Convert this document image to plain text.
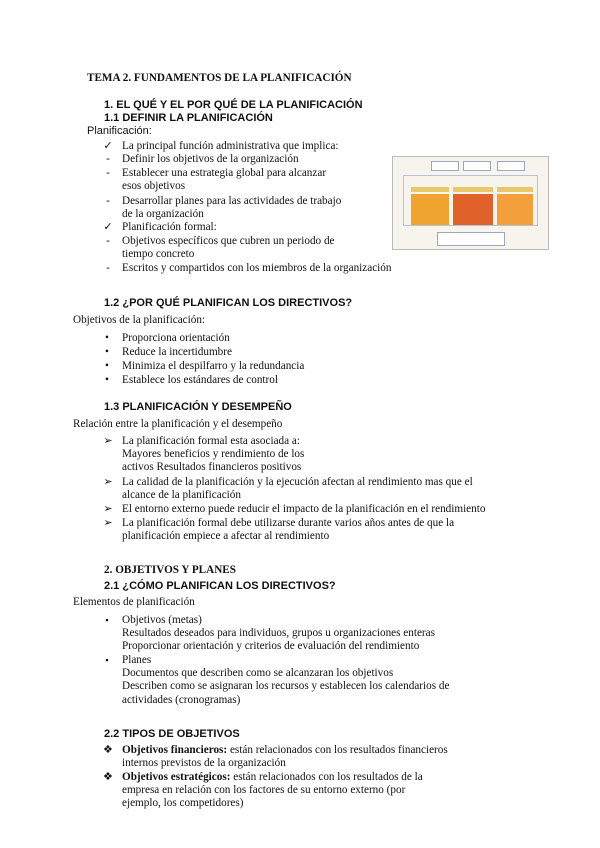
TEMA 2. FUNDAMENTOS DE LA PLANIFICACIÓN
1. EL QUÉ Y EL POR QUÉ DE LA PLANIFICACIÓN
1.1 DEFINIR LA PLANIFICACIÓN
Planificación:
✓ La principal función administrativa que implica:
-	Definir los objetivos de la organización
-	Establecer una estrategia global para alcanzar
esos objetivos
-	Desarrollar planes para las actividades de trabajo
de la organización
✓ Planificación formal:
-	Objetivos específicos que cubren un periodo de
tiempo concreto
-	Escritos y compartidos con los miembros de la organización
1.2 ¿POR QUÉ PLANIFICAN LOS DIRECTIVOS?
Objetivos de la planificación:
•	Proporciona orientación
•	Reduce la incertidumbre
•	Minimiza el despilfarro y la redundancia
•	Establece los estándares de control
1.3 PLANIFICACIÓN Y DESEMPEÑO
Relación entre la planificación y el desempeño
➢ La planificación formal esta asociada a:
Mayores beneficios y rendimiento de los
activos Resultados financieros positivos
➢ La calidad de la planificación y la ejecución afectan al rendimiento mas que el
alcance de la planificación
➢ El entorno externo puede reducir el impacto de la planificación en el rendimiento
➢ La planificación formal debe utilizarse durante varios años antes de que la
planificación empiece a afectar al rendimiento
2. OBJETIVOS Y PLANES
2.1 ¿CÓMO PLANIFICAN LOS DIRECTIVOS?
Elementos de planificación
▪	Objetivos (metas)
Resultados deseados para individuos, grupos u organizaciones enteras
Proporcionar orientación y criterios de evaluación del rendimiento
▪	Planes
Documentos que describen como se alcanzaran los objetivos
Describen como se asignaran los recursos y establecen los calendarios de
actividades (cronogramas)
2.2 TIPOS DE OBJETIVOS
❖ Objetivos financieros: están relacionados con los resultados financieros
internos previstos de la organización
❖ Objetivos estratégicos: están relacionados con los resultados de la
empresa en relación con los factores de su entorno externo (por
ejemplo, los competidores)
